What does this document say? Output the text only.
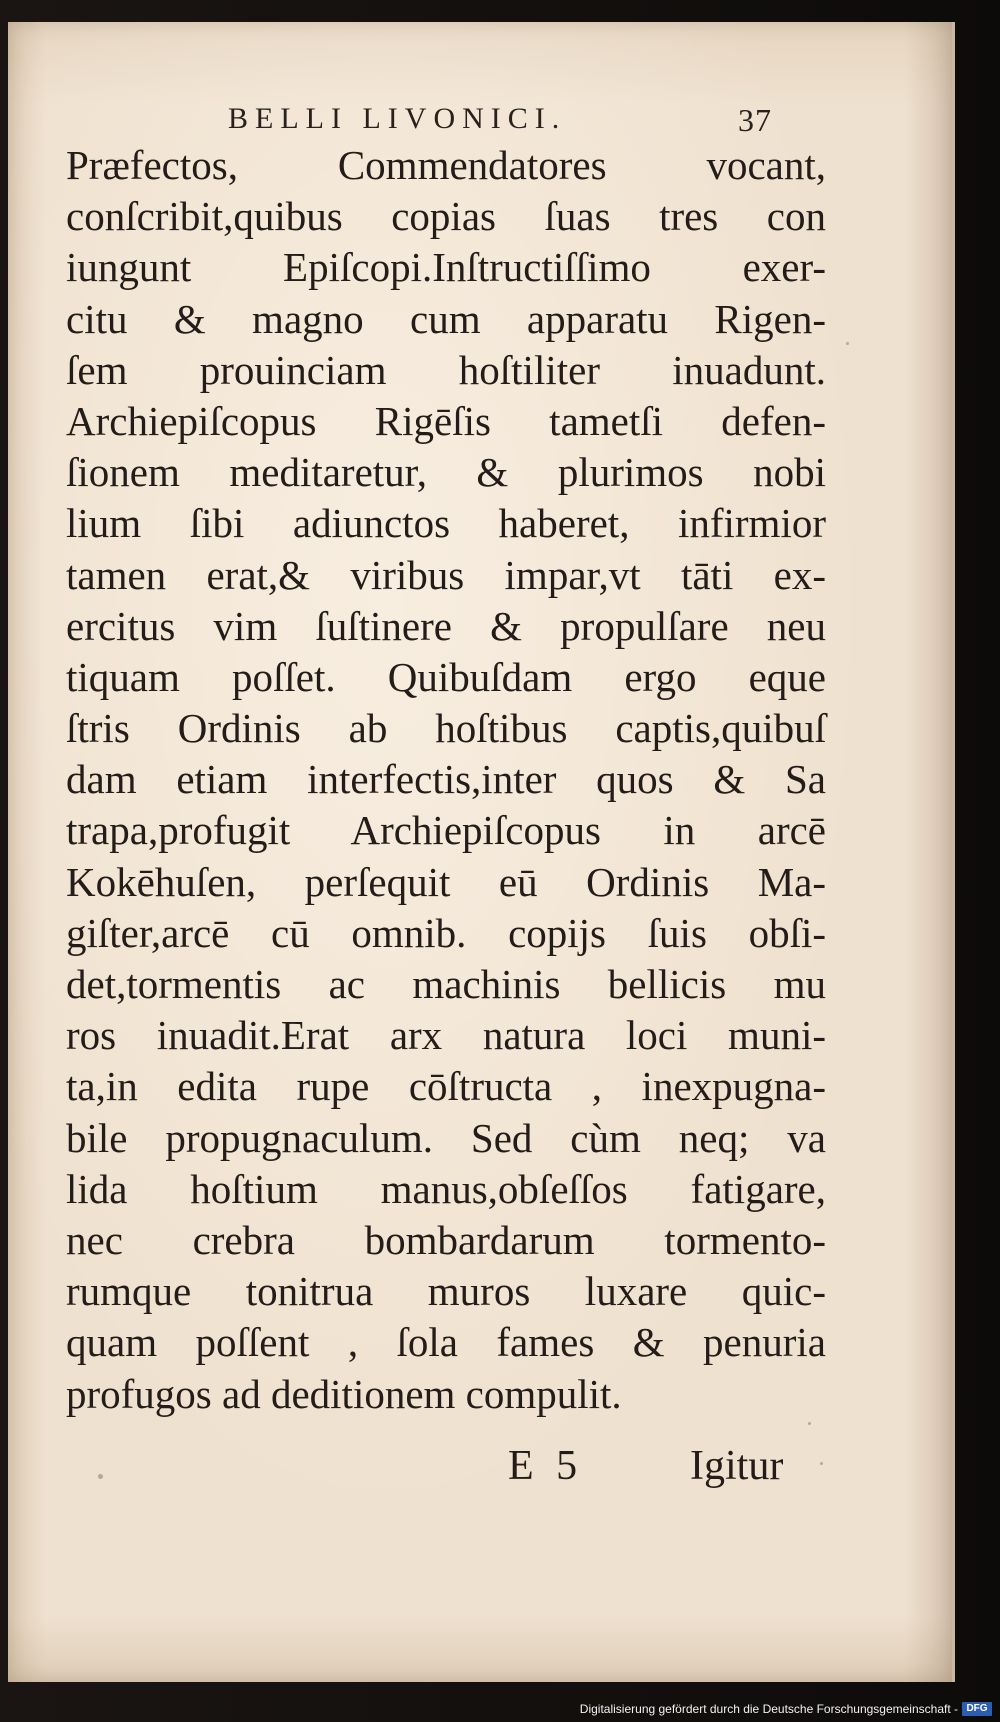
BELLI LIVONICI.	37
Præfectos, Commendatores vocant,
conſcribit,quibus copias ſuas tres con
iungunt Epiſcopi.Inſtructiſſimo exer-
citu & magno cum apparatu Rigen-
ſem prouinciam hoſtiliter inuadunt.
Archiepiſcopus Rigēſis tametſi defen-
ſionem meditaretur, & plurimos nobi
lium ſibi adiunctos haberet, infirmior
tamen erat,& viribus impar,vt tāti ex-
ercitus vim ſuſtinere & propulſare neu
tiquam poſſet. Quibuſdam ergo eque
ſtris Ordinis ab hoſtibus captis,quibuſ
dam etiam interfectis,inter quos & Sa
trapa,profugit Archiepiſcopus in arcē
Kokēhuſen, perſequit eū Ordinis Ma-
giſter,arcē cū omnib. copijs ſuis obſi-
det,tormentis ac machinis bellicis mu
ros inuadit.Erat arx natura loci muni-
ta,in edita rupe cōſtructa , inexpugna-
bile propugnaculum. Sed cùm neq; va
lida hoſtium manus,obſeſſos fatigare,
nec crebra bombardarum tormento-
rumque tonitrua muros luxare quic-
quam poſſent , ſola fames & penuria
profugos ad deditionem compulit.
E 5	Igitur
Digitalisierung gefördert durch die Deutsche Forschungsgemeinschaft - DFG
